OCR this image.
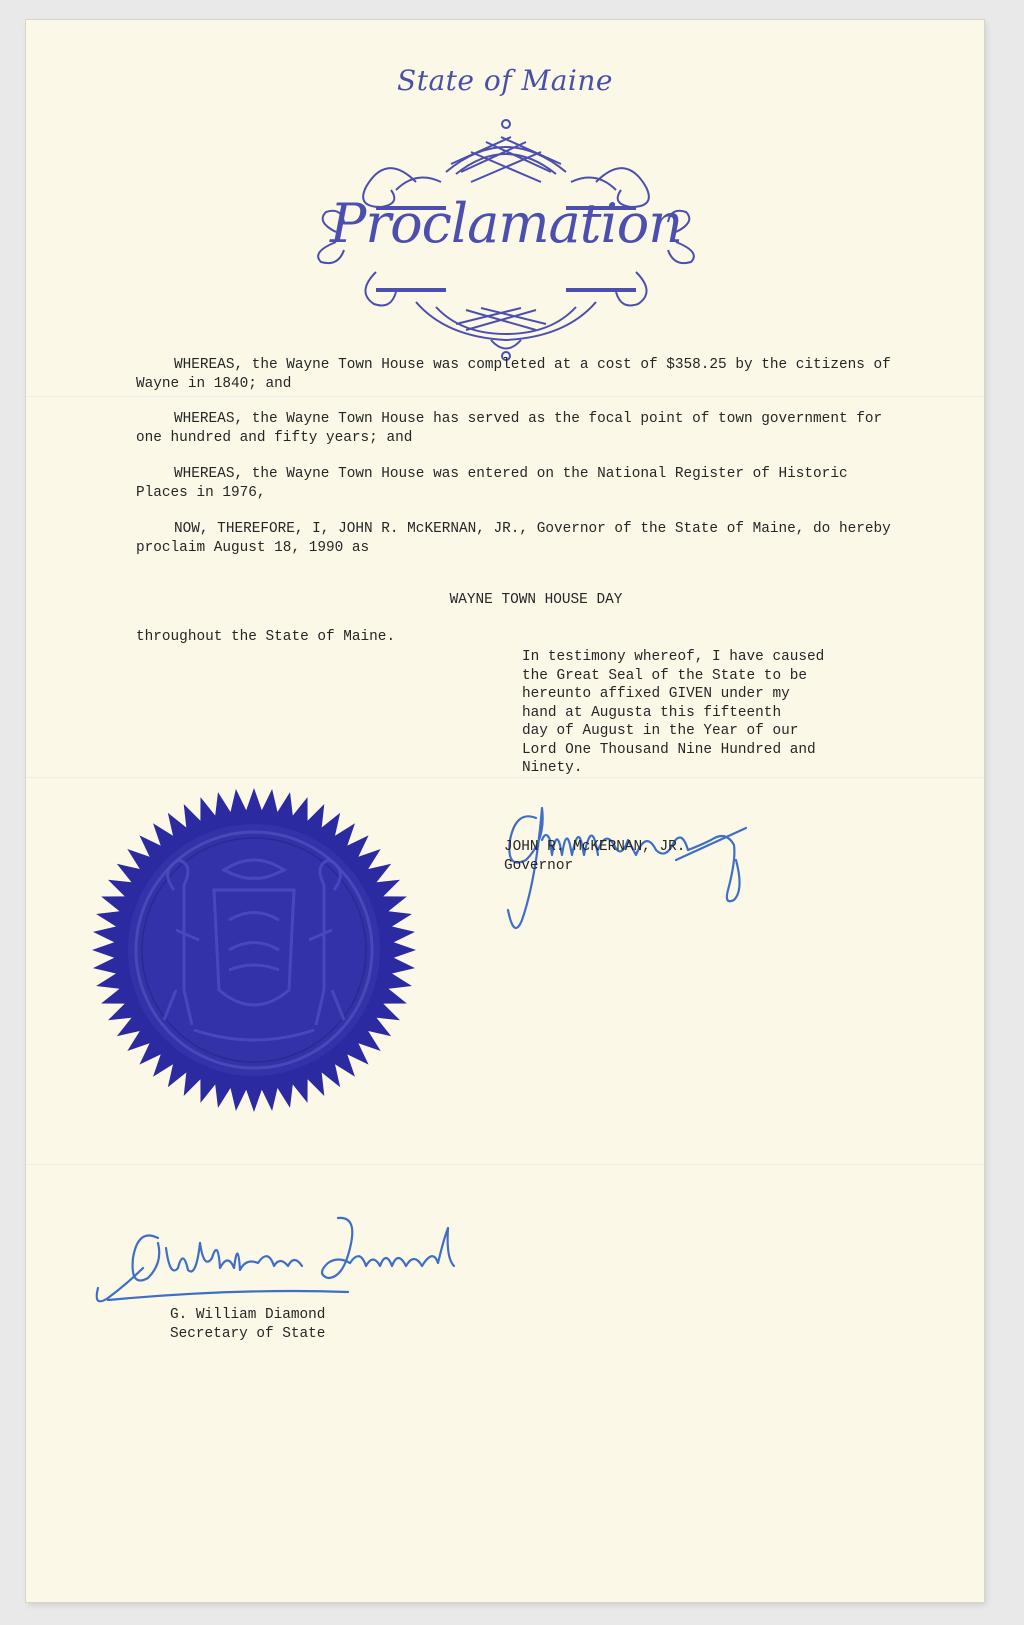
State of Maine
Proclamation
WHEREAS, the Wayne Town House was completed at a cost of $358.25 by the citizens of Wayne in 1840; and
WHEREAS, the Wayne Town House has served as the focal point of town government for one hundred and fifty years; and
WHEREAS, the Wayne Town House was entered on the National Register of Historic Places in 1976,
NOW, THEREFORE, I, JOHN R. McKERNAN, JR., Governor of the State of Maine, do hereby proclaim August 18, 1990 as
WAYNE TOWN HOUSE DAY
throughout the State of Maine.
In testimony whereof, I have caused
the Great Seal of the State to be
hereunto affixed GIVEN under my
hand at Augusta this fifteenth
day of August in the Year of our
Lord One Thousand Nine Hundred and
Ninety.
JOHN R. McKERNAN, JR.
Governor
G. William Diamond
Secretary of State
